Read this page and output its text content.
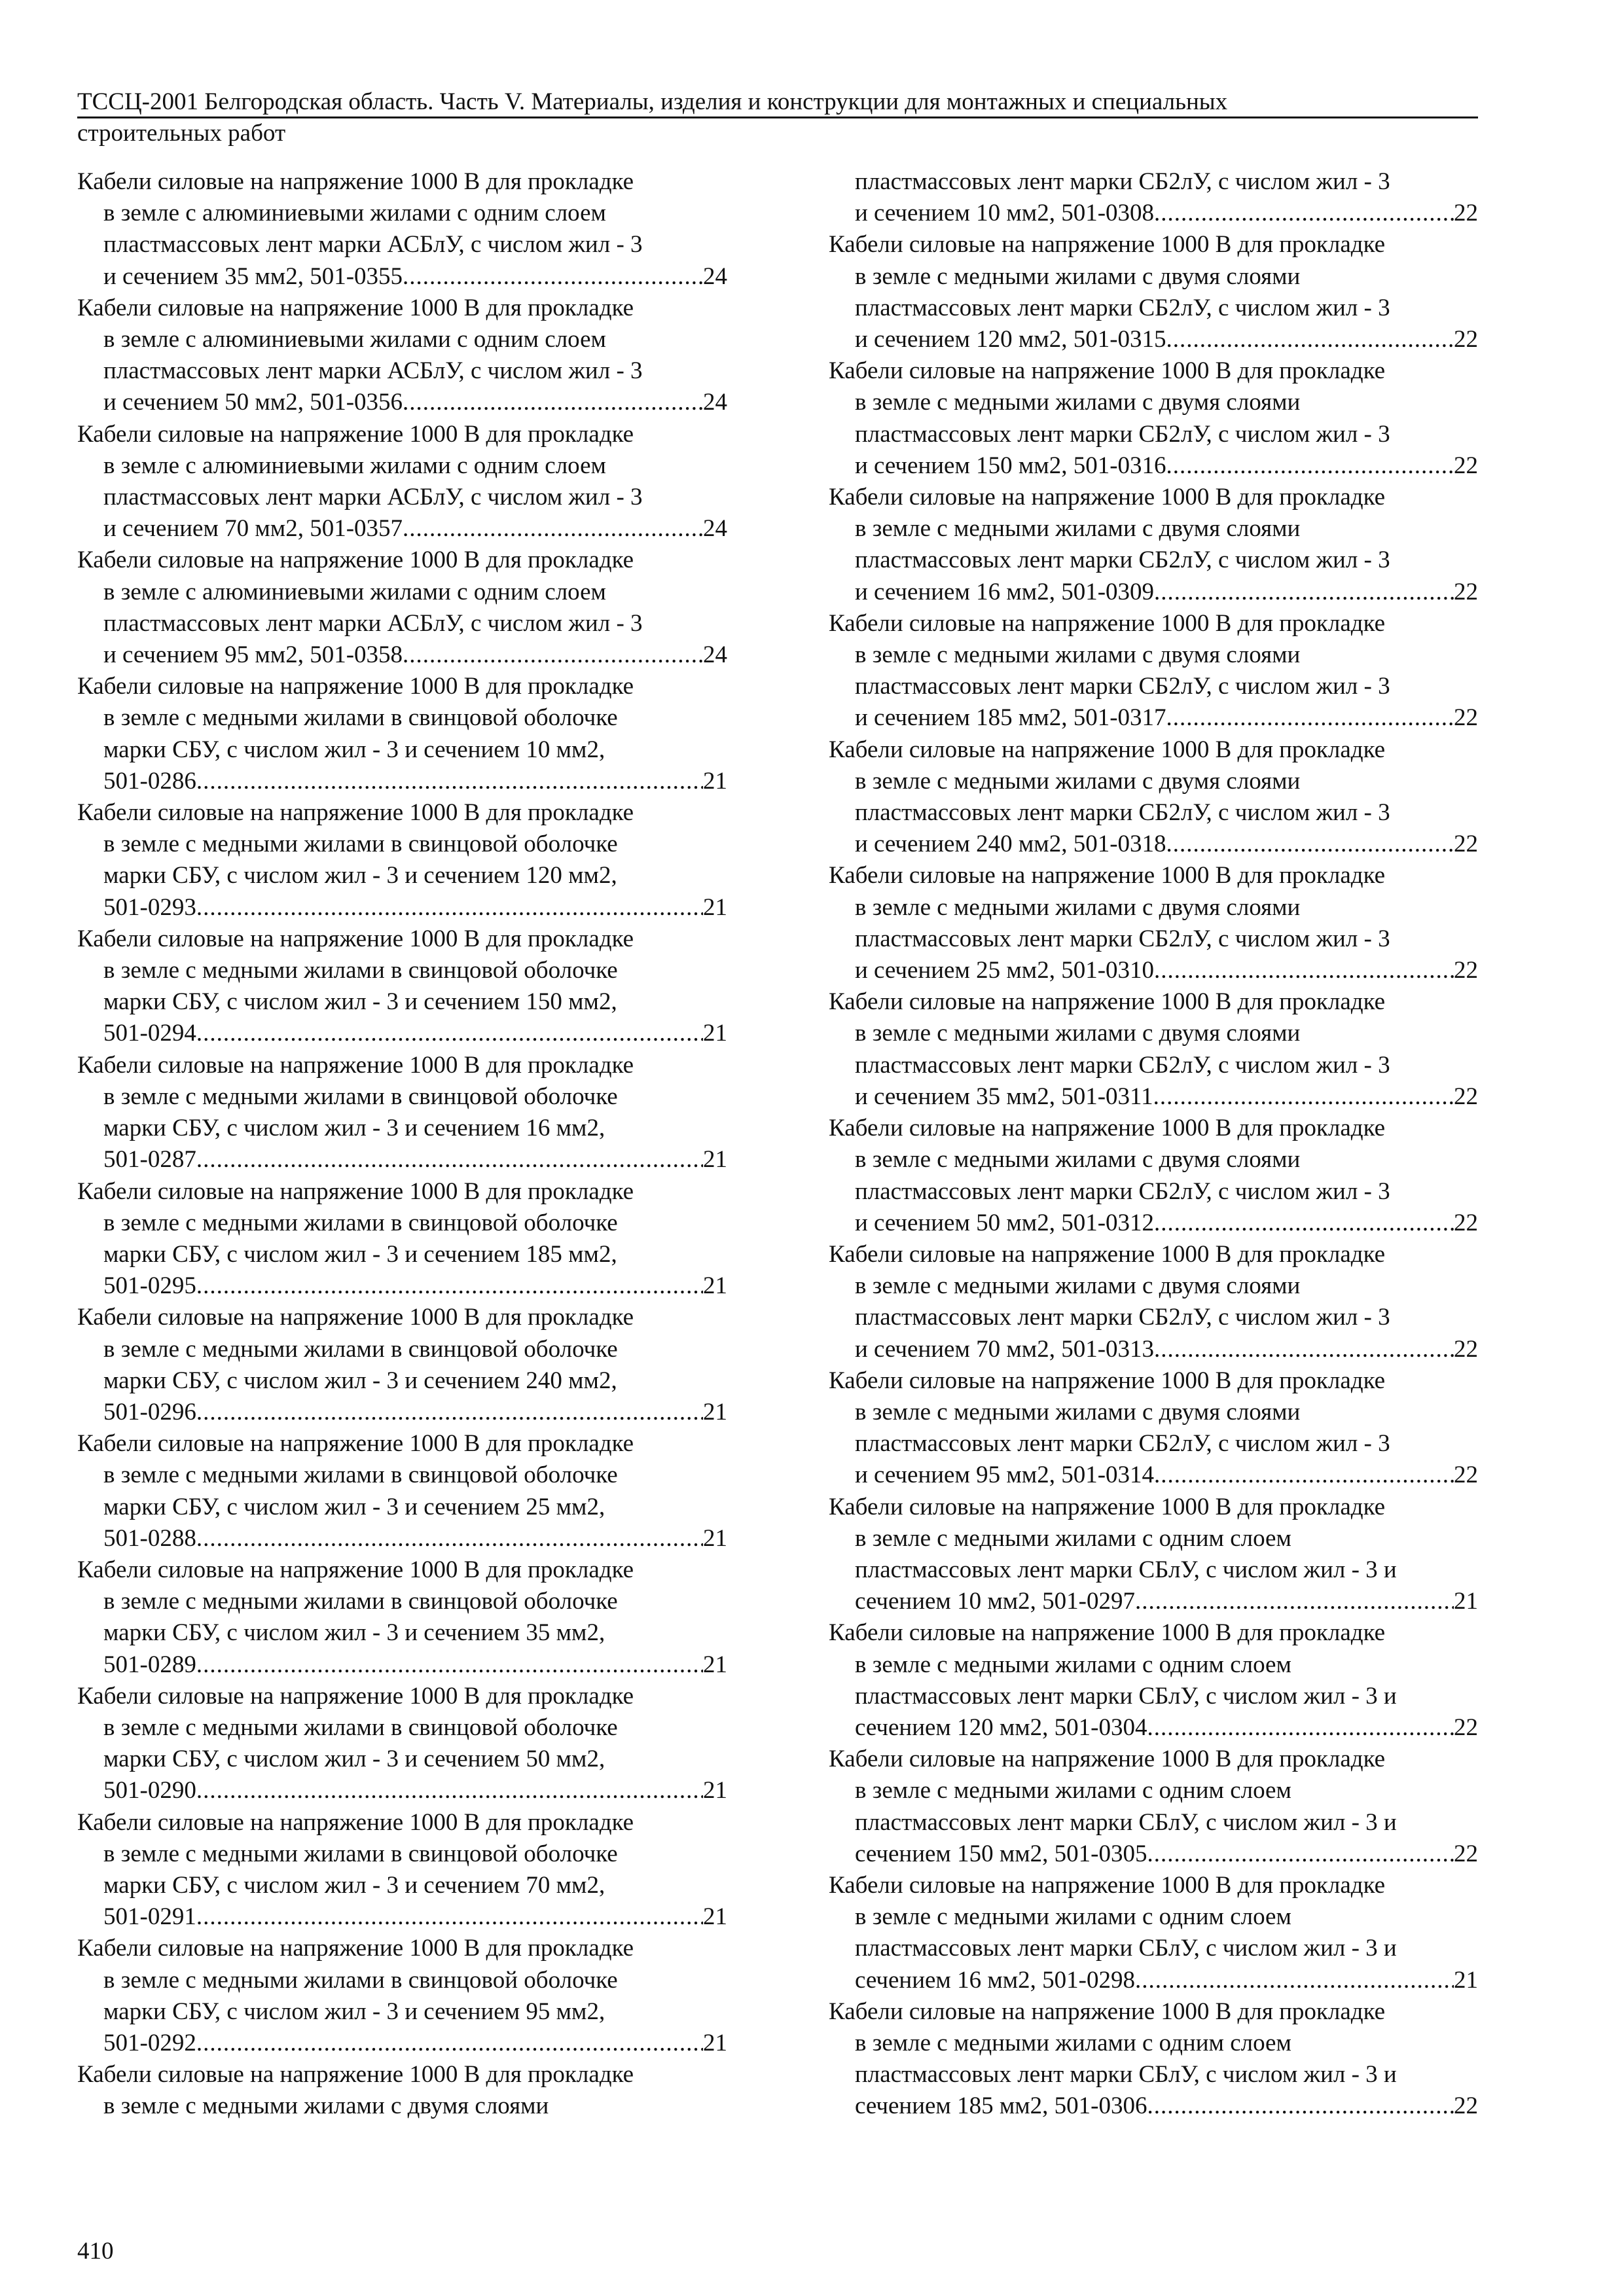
ТССЦ-2001 Белгородская область. Часть V. Материалы, изделия и конструкции для монтажных и специальных
строительных работ
Кабели силовые на напряжение 1000 В для прокладке
в земле с алюминиевыми жилами с одним слоем
пластмассовых лент марки АСБлУ, с числом жил - 3
и сечением 35 мм2, 501-0355 .....	24
Кабели силовые на напряжение 1000 В для прокладке
в земле с алюминиевыми жилами с одним слоем
пластмассовых лент марки АСБлУ, с числом жил - 3
и сечением 50 мм2, 501-0356 .....	24
Кабели силовые на напряжение 1000 В для прокладке
в земле с алюминиевыми жилами с одним слоем
пластмассовых лент марки АСБлУ, с числом жил - 3
и сечением 70 мм2, 501-0357 .....	24
Кабели силовые на напряжение 1000 В для прокладке
в земле с алюминиевыми жилами с одним слоем
пластмассовых лент марки АСБлУ, с числом жил - 3
и сечением 95 мм2, 501-0358 .....	24
Кабели силовые на напряжение 1000 В для прокладке
в земле с медными жилами в свинцовой оболочке
марки СБУ, с числом жил - 3 и сечением 10 мм2,
501-0286 .....	21
Кабели силовые на напряжение 1000 В для прокладке
в земле с медными жилами в свинцовой оболочке
марки СБУ, с числом жил - 3 и сечением 120 мм2,
501-0293 .....	21
Кабели силовые на напряжение 1000 В для прокладке
в земле с медными жилами в свинцовой оболочке
марки СБУ, с числом жил - 3 и сечением 150 мм2,
501-0294 .....	21
Кабели силовые на напряжение 1000 В для прокладке
в земле с медными жилами в свинцовой оболочке
марки СБУ, с числом жил - 3 и сечением 16 мм2,
501-0287 .....	21
Кабели силовые на напряжение 1000 В для прокладке
в земле с медными жилами в свинцовой оболочке
марки СБУ, с числом жил - 3 и сечением 185 мм2,
501-0295 .....	21
Кабели силовые на напряжение 1000 В для прокладке
в земле с медными жилами в свинцовой оболочке
марки СБУ, с числом жил - 3 и сечением 240 мм2,
501-0296 .....	21
Кабели силовые на напряжение 1000 В для прокладке
в земле с медными жилами в свинцовой оболочке
марки СБУ, с числом жил - 3 и сечением 25 мм2,
501-0288 .....	21
Кабели силовые на напряжение 1000 В для прокладке
в земле с медными жилами в свинцовой оболочке
марки СБУ, с числом жил - 3 и сечением 35 мм2,
501-0289 .....	21
Кабели силовые на напряжение 1000 В для прокладке
в земле с медными жилами в свинцовой оболочке
марки СБУ, с числом жил - 3 и сечением 50 мм2,
501-0290 .....	21
Кабели силовые на напряжение 1000 В для прокладке
в земле с медными жилами в свинцовой оболочке
марки СБУ, с числом жил - 3 и сечением 70 мм2,
501-0291 .....	21
Кабели силовые на напряжение 1000 В для прокладке
в земле с медными жилами в свинцовой оболочке
марки СБУ, с числом жил - 3 и сечением 95 мм2,
501-0292 .....	21
Кабели силовые на напряжение 1000 В для прокладке
в земле с медными жилами с двумя слоями
пластмассовых лент марки СБ2лУ, с числом жил - 3
и сечением 10 мм2, 501-0308 .....	22
Кабели силовые на напряжение 1000 В для прокладке
в земле с медными жилами с двумя слоями
пластмассовых лент марки СБ2лУ, с числом жил - 3
и сечением 120 мм2, 501-0315 .....	22
Кабели силовые на напряжение 1000 В для прокладке
в земле с медными жилами с двумя слоями
пластмассовых лент марки СБ2лУ, с числом жил - 3
и сечением 150 мм2, 501-0316 .....	22
Кабели силовые на напряжение 1000 В для прокладке
в земле с медными жилами с двумя слоями
пластмассовых лент марки СБ2лУ, с числом жил - 3
и сечением 16 мм2, 501-0309 .....	22
Кабели силовые на напряжение 1000 В для прокладке
в земле с медными жилами с двумя слоями
пластмассовых лент марки СБ2лУ, с числом жил - 3
и сечением 185 мм2, 501-0317 .....	22
Кабели силовые на напряжение 1000 В для прокладке
в земле с медными жилами с двумя слоями
пластмассовых лент марки СБ2лУ, с числом жил - 3
и сечением 240 мм2, 501-0318 .....	22
Кабели силовые на напряжение 1000 В для прокладке
в земле с медными жилами с двумя слоями
пластмассовых лент марки СБ2лУ, с числом жил - 3
и сечением 25 мм2, 501-0310 .....	22
Кабели силовые на напряжение 1000 В для прокладке
в земле с медными жилами с двумя слоями
пластмассовых лент марки СБ2лУ, с числом жил - 3
и сечением 35 мм2, 501-0311 .....	22
Кабели силовые на напряжение 1000 В для прокладке
в земле с медными жилами с двумя слоями
пластмассовых лент марки СБ2лУ, с числом жил - 3
и сечением 50 мм2, 501-0312 .....	22
Кабели силовые на напряжение 1000 В для прокладке
в земле с медными жилами с двумя слоями
пластмассовых лент марки СБ2лУ, с числом жил - 3
и сечением 70 мм2, 501-0313 .....	22
Кабели силовые на напряжение 1000 В для прокладке
в земле с медными жилами с двумя слоями
пластмассовых лент марки СБ2лУ, с числом жил - 3
и сечением 95 мм2, 501-0314 .....	22
Кабели силовые на напряжение 1000 В для прокладке
в земле с медными жилами с одним слоем
пластмассовых лент марки СБлУ, с числом жил - 3 и
сечением 10 мм2, 501-0297 .....	21
Кабели силовые на напряжение 1000 В для прокладке
в земле с медными жилами с одним слоем
пластмассовых лент марки СБлУ, с числом жил - 3 и
сечением 120 мм2, 501-0304 .....	22
Кабели силовые на напряжение 1000 В для прокладке
в земле с медными жилами с одним слоем
пластмассовых лент марки СБлУ, с числом жил - 3 и
сечением 150 мм2, 501-0305 .....	22
Кабели силовые на напряжение 1000 В для прокладке
в земле с медными жилами с одним слоем
пластмассовых лент марки СБлУ, с числом жил - 3 и
сечением 16 мм2, 501-0298 .....	21
Кабели силовые на напряжение 1000 В для прокладке
в земле с медными жилами с одним слоем
пластмассовых лент марки СБлУ, с числом жил - 3 и
сечением 185 мм2, 501-0306 .....	22
410
